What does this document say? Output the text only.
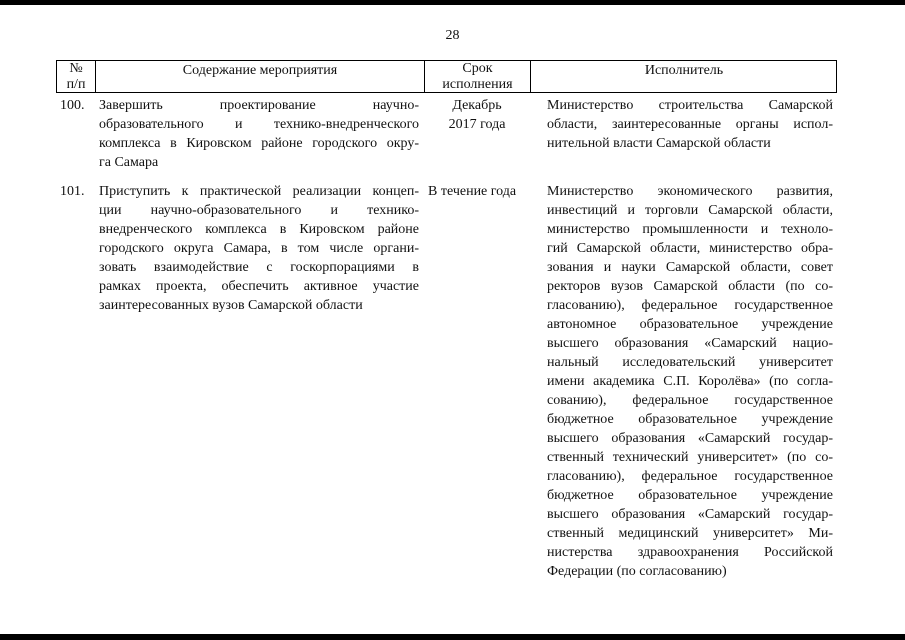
28
№
п/п
Содержание мероприятия	Срок
исполнения
Исполнитель
100. Завершить проектирование научно-
образовательного и технико-внедренческого
комплекса в Кировском районе городского окру-
га Самара
Декабрь
2017 года
Министерство строительства Самарской
области, заинтересованные органы испол-
нительной власти Самарской области
101. Приступить к практической реализации концеп-
ции научно-образовательного и технико-
внедренческого комплекса в Кировском районе
городского округа Самара, в том числе органи-
зовать взаимодействие с госкорпорациями в
рамках проекта, обеспечить активное участие
заинтересованных вузов Самарской области
В течение года	Министерство экономического развития,
инвестиций и торговли Самарской области,
министерство промышленности и техноло-
гий Самарской области, министерство обра-
зования и науки Самарской области, совет
ректоров вузов Самарской области (по со-
гласованию), федеральное государственное
автономное образовательное учреждение
высшего образования «Самарский нацио-
нальный исследовательский университет
имени академика С.П. Королёва» (по согла-
сованию), федеральное государственное
бюджетное образовательное учреждение
высшего образования «Самарский государ-
ственный технический университет» (по со-
гласованию), федеральное государственное
бюджетное образовательное учреждение
высшего образования «Самарский государ-
ственный медицинский университет» Ми-
нистерства здравоохранения Российской
Федерации (по согласованию)
